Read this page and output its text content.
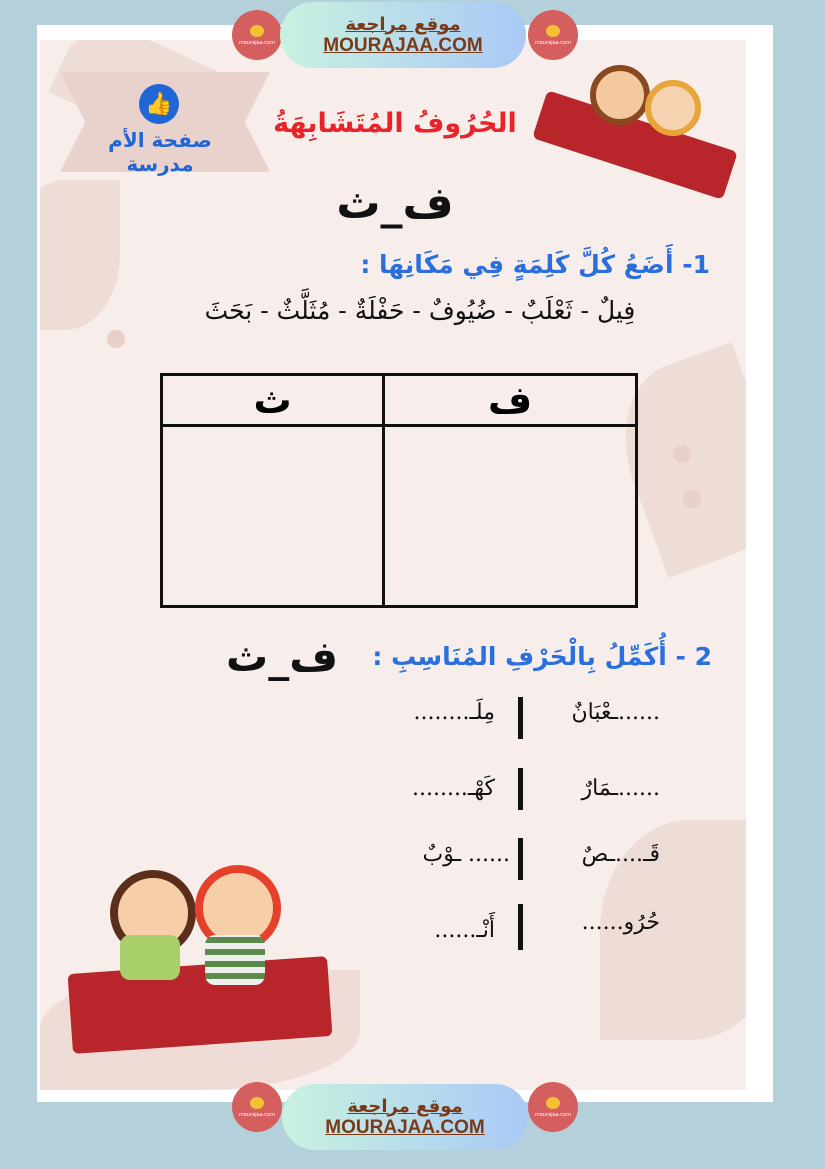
mourajaa.com
موقع مراجعة
MOURAJAA.COM	mourajaa.com
👍
صفحة الأم مدرسة
الحُرُوفُ المُتَشَابِهَةُ
ف_ث
1- أَضَعُ كُلَّ كَلِمَةٍ فِي مَكَانِهَا :
فِيلٌ - ثَعْلَبٌ - ضُيُوفٌ - حَفْلَةٌ - مُثَلَّثٌ - بَحَثَ
ث	ف

2 - أُكَمِّلُ بِالْحَرْفِ المُنَاسِبِ :
ف_ث
......ـعْبَانٌ
مِلَـ........
......ـمَارٌ
كَهْـ........
قَـ....ـصٌ
...... ـوْبٌ
حُرُو......
أَنْـ......
mourajaa.com	موقع مراجعة
MOURAJAA.COM
mourajaa.com
